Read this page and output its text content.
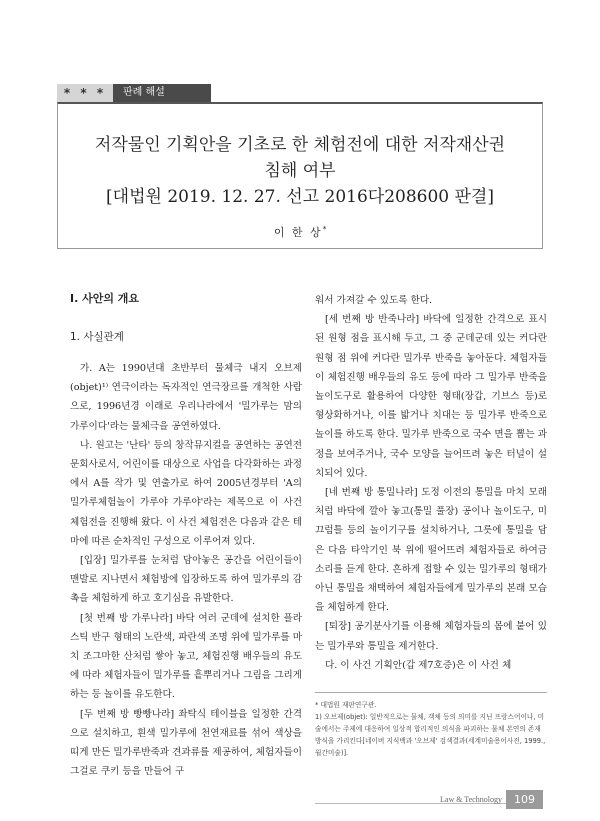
* * *	판례 해설
저작물인 기획안을 기초로 한 체험전에 대한 저작재산권
침해 여부
[대법원 2019. 12. 27. 선고 2016다208600 판결]
이 한 상*
I. 사안의 개요
1. 사실관계

가. A는 1990년대 초반부터 물체극 내지 오브제(objet)¹⁾ 연극이라는 독자적인 연극장르를 개척한 사람으로, 1996년경 이래로 우리나라에서 '밀가루는 맘의 가루이다'라는 물체극을 공연하였다.

나. 원고는 '난타' 등의 창작뮤지컬을 공연하는 공연전문회사로서, 어린이를 대상으로 사업을 다각화하는 과정에서 A를 작가 및 연출가로 하여 2005년경부터 'A의 밀가루체험놀이 가루야 가루야'라는 제목으로 이 사건 체험전을 진행해 왔다. 이 사건 체험전은 다음과 같은 테마에 따른 순차적인 구성으로 이루어져 있다.

[입장] 밀가루를 눈처럼 담아놓은 공간을 어린이들이 맨발로 지나면서 체험방에 입장하도록 하여 밀가루의 감촉을 체험하게 하고 호기심을 유발한다.

[첫 번째 방 가루나라] 바닥 여러 군데에 설치한 플라스틱 반구 형태의 노란색, 파란색 조명 위에 밀가루를 마치 조그마한 산처럼 쌓아 놓고, 체험진행 배우들의 유도에 따라 체험자들이 밀가루를 흩뿌리거나 그림을 그리게 하는 등 놀이를 유도한다.

[두 번째 방 빵빵나라] 좌탁식 테이블을 일정한 간격으로 설치하고, 흰색 밀가루에 천연재료를 섞어 색상을 띠게 만든 밀가루반죽과 견과류를 제공하여, 체험자들이 그걸로 쿠키 등을 만들어 구

워서 가져갈 수 있도록 한다.

[세 번째 방 반죽나라] 바닥에 일정한 간격으로 표시된 원형 점을 표시해 두고, 그 중 군데군데 있는 커다란 원형 점 위에 커다란 밀가루 반죽을 놓아둔다. 체험자들이 체험진행 배우들의 유도 등에 따라 그 밀가루 반죽을 놀이도구로 활용하여 다양한 형태(장갑, 기브스 등)로 형상화하거나, 이를 밟거나 치대는 등 밀가루 반죽으로 놀이를 하도록 한다. 밀가루 반죽으로 국수 면을 뽑는 과정을 보여주거나, 국수 모양을 늘어뜨려 놓은 터널이 설치되어 있다.

[네 번째 방 통밀나라] 도정 이전의 통밀을 마치 모래처럼 바닥에 깔아 놓고(통밀 풀장) 공이나 놀이도구, 미끄럼틀 등의 놀이기구를 설치하거나, 그릇에 통밀을 담은 다음 타악기인 북 위에 떨어뜨려 체험자들로 하여금 소리를 듣게 한다. 흔하게 접할 수 있는 밀가루의 형태가 아닌 통밀을 채택하여 체험자들에게 밀가루의 본래 모습을 체험하게 한다.

[퇴장] 공기분사기를 이용해 체험자들의 몸에 붙어 있는 밀가루와 통밀을 제거한다.

다. 이 사건 기획안(갑 제7호증)은 이 사건 체

* 대법원 재판연구관.

1) 오브제(objet): 일반적으로는 물체, 객체 등의 의미를 지닌 프랑스어이나, 미술에서는 주제에 대응하여 일상적 합리적인 의식을 파괴하는 물체 본연의 존재 방식을 가리킨다[네이버 지식백과 '오브제' 검색결과(세계미술용어사전, 1999., 월간미술)].

Law & Technology	109
